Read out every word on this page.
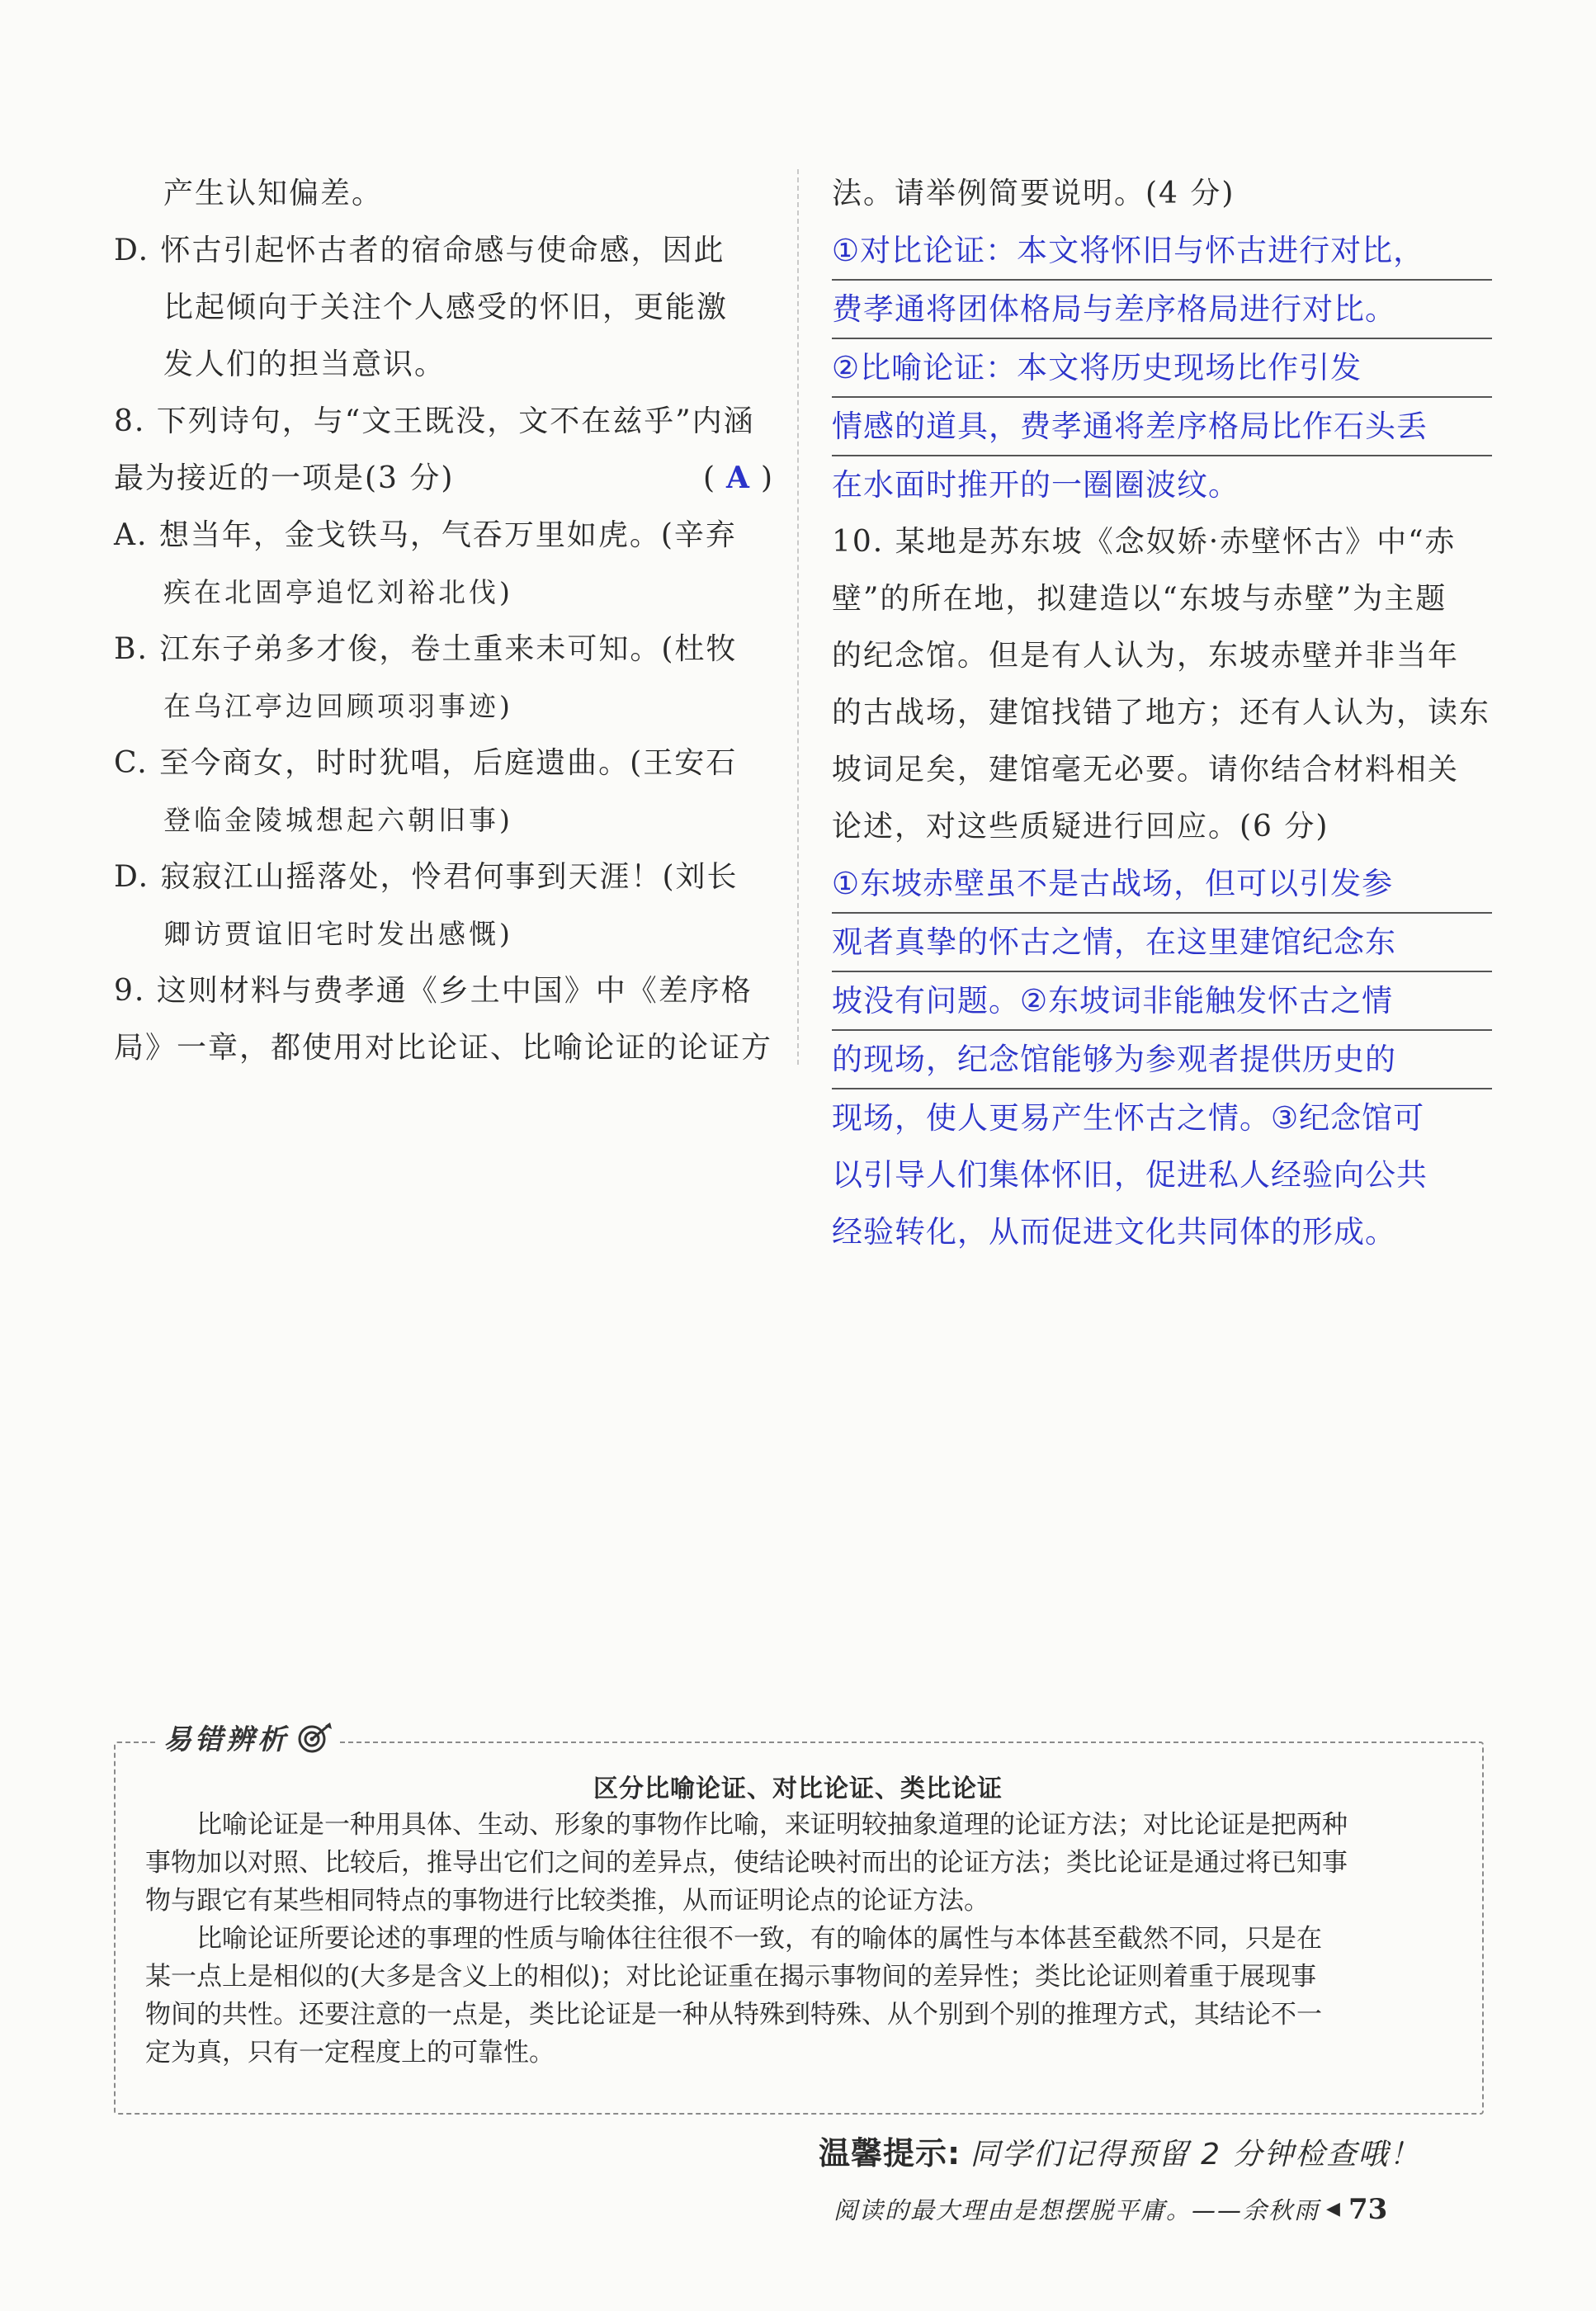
产生认知偏差。

D. 怀古引起怀古者的宿命感与使命感，因此

比起倾向于关注个人感受的怀旧，更能激

发人们的担当意识。

8. 下列诗句，与“文王既没，文不在兹乎”内涵

最为接近的一项是(3 分)	( A )

A. 想当年，金戈铁马，气吞万里如虎。(辛弃

疾在北固亭追忆刘裕北伐)

B. 江东子弟多才俊，卷土重来未可知。(杜牧

在乌江亭边回顾项羽事迹)

C. 至今商女，时时犹唱，后庭遗曲。(王安石

登临金陵城想起六朝旧事)

D. 寂寂江山摇落处，怜君何事到天涯！(刘长

卿访贾谊旧宅时发出感慨)

9. 这则材料与费孝通《乡土中国》中《差序格

局》一章，都使用对比论证、比喻论证的论证方

法。请举例简要说明。(4 分)

①对比论证：本文将怀旧与怀古进行对比，
费孝通将团体格局与差序格局进行对比。
②比喻论证：本文将历史现场比作引发
情感的道具，费孝通将差序格局比作石头丢
在水面时推开的一圈圈波纹。

10. 某地是苏东坡《念奴娇·赤壁怀古》中“赤

壁”的所在地，拟建造以“东坡与赤壁”为主题

的纪念馆。但是有人认为，东坡赤壁并非当年

的古战场，建馆找错了地方；还有人认为，读东

坡词足矣，建馆毫无必要。请你结合材料相关

论述，对这些质疑进行回应。(6 分)

①东坡赤壁虽不是古战场，但可以引发参
观者真挚的怀古之情，在这里建馆纪念东
坡没有问题。②东坡词非能触发怀古之情
的现场，纪念馆能够为参观者提供历史的
现场，使人更易产生怀古之情。③纪念馆可
以引导人们集体怀旧，促进私人经验向公共
经验转化，从而促进文化共同体的形成。
易错辨析
区分比喻论证、对比论证、类比论证

比喻论证是一种用具体、生动、形象的事物作比喻，来证明较抽象道理的论证方法；对比论证是把两种

事物加以对照、比较后，推导出它们之间的差异点，使结论映衬而出的论证方法；类比论证是通过将已知事

物与跟它有某些相同特点的事物进行比较类推，从而证明论点的论证方法。

比喻论证所要论述的事理的性质与喻体往往很不一致，有的喻体的属性与本体甚至截然不同，只是在

某一点上是相似的(大多是含义上的相似)；对比论证重在揭示事物间的差异性；类比论证则着重于展现事

物间的共性。还要注意的一点是，类比论证是一种从特殊到特殊、从个别到个别的推理方式，其结论不一

定为真，只有一定程度上的可靠性。

温馨提示: 同学们记得预留 2 分钟检查哦！
阅读的最大理由是想摆脱平庸。——余秋雨 ◀ 73
